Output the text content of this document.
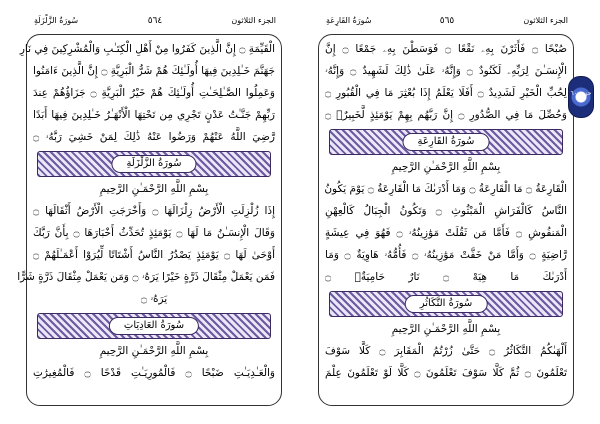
سُورَةُ الزَّلْزَلَةِ	٥٦٤	الجزء الثلاثون
الْقَيِّمَةِ ۝ إِنَّ الَّذِينَ كَفَرُوا مِنْ أَهْلِ الْكِتَـٰبِ وَالْمُشْرِكِينَ فِي نَارِ
جَهَنَّمَ خَـٰلِدِينَ فِيهَا أُولَـٰئِكَ هُمْ شَرُّ الْبَرِيَّةِ ۝ إِنَّ الَّذِينَ ءَامَنُوا
وَعَمِلُوا الصَّـٰلِحَـٰتِ أُولَـٰئِكَ هُمْ خَيْرُ الْبَرِيَّةِ ۝ جَزَاؤُهُمْ عِندَ
رَبِّهِمْ جَنَّـٰتُ عَدْنٍ تَجْرِي مِن تَحْتِهَا الْأَنْهَـٰرُ خَـٰلِدِينَ فِيهَا أَبَدًا
رَّضِيَ اللَّهُ عَنْهُمْ وَرَضُوا عَنْهُ ذَٰلِكَ لِمَنْ خَشِيَ رَبَّهُۥ ۝
سُورَةُ الزَّلْزَلَةِ
بِسْمِ اللَّهِ الرَّحْمَـٰنِ الرَّحِيمِ
إِذَا زُلْزِلَتِ الْأَرْضُ زِلْزَالَهَا ۝ وَأَخْرَجَتِ الْأَرْضُ أَثْقَالَهَا ۝
وَقَالَ الْإِنسَـٰنُ مَا لَهَا ۝ يَوْمَئِذٍ تُحَدِّثُ أَخْبَارَهَا ۝ بِأَنَّ رَبَّكَ
أَوْحَىٰ لَهَا ۝ يَوْمَئِذٍ يَصْدُرُ النَّاسُ أَشْتَاتًا لِّيُرَوْا أَعْمَـٰلَهُمْ ۝
فَمَن يَعْمَلْ مِثْقَالَ ذَرَّةٍ خَيْرًا يَرَهُۥ ۝ وَمَن يَعْمَلْ مِثْقَالَ ذَرَّةٍ شَرًّا
يَرَهُۥ ۝
سُورَةُ العَادِيَاتِ
بِسْمِ اللَّهِ الرَّحْمَـٰنِ الرَّحِيمِ
وَالْعَـٰدِيَـٰتِ ضَبْحًا ۝ فَالْمُورِيَـٰتِ قَدْحًا ۝ فَالْمُغِيرَٰتِ
سُورَةُ القَارِعَةِ	٥٦٥	الجزء الثلاثون
صُبْحًا ۝ فَأَثَرْنَ بِهِۦ نَقْعًا ۝ فَوَسَطْنَ بِهِۦ جَمْعًا ۝ إِنَّ
الْإِنسَـٰنَ لِرَبِّهِۦ لَكَنُودٌ ۝ وَإِنَّهُۥ عَلَىٰ ذَٰلِكَ لَشَهِيدٌ ۝ وَإِنَّهُۥ
لِحُبِّ الْخَيْرِ لَشَدِيدٌ ۝ أَفَلَا يَعْلَمُ إِذَا بُعْثِرَ مَا فِي الْقُبُورِ ۝
وَحُصِّلَ مَا فِي الصُّدُورِ ۝ إِنَّ رَبَّهُم بِهِمْ يَوْمَئِذٍ لَّخَبِيرٌۢ ۝
سُورَةُ القَارِعَةِ
بِسْمِ اللَّهِ الرَّحْمَـٰنِ الرَّحِيمِ
الْقَارِعَةُ ۝ مَا الْقَارِعَةُ ۝ وَمَا أَدْرَىٰكَ مَا الْقَارِعَةُ ۝ يَوْمَ يَكُونُ
النَّاسُ كَالْفَرَاشِ الْمَبْثُوثِ ۝ وَتَكُونُ الْجِبَالُ كَالْعِهْنِ
الْمَنفُوشِ ۝ فَأَمَّا مَن ثَقُلَتْ مَوَٰزِينُهُۥ ۝ فَهُوَ فِي عِيشَةٍ
رَّاضِيَةٍ ۝ وَأَمَّا مَنْ خَفَّتْ مَوَٰزِينُهُۥ ۝ فَأُمُّهُۥ هَاوِيَةٌ ۝ وَمَا
أَدْرَىٰكَ مَا هِيَهْ ۝ نَارٌ حَامِيَةٌۢ ۝
سُورَةُ التَّكَاثُرِ
بِسْمِ اللَّهِ الرَّحْمَـٰنِ الرَّحِيمِ
أَلْهَىٰكُمُ التَّكَاثُرُ ۝ حَتَّىٰ زُرْتُمُ الْمَقَابِرَ ۝ كَلَّا سَوْفَ
تَعْلَمُونَ ۝ ثُمَّ كَلَّا سَوْفَ تَعْلَمُونَ ۝ كَلَّا لَوْ تَعْلَمُونَ عِلْمَ
حزب ٦٠
